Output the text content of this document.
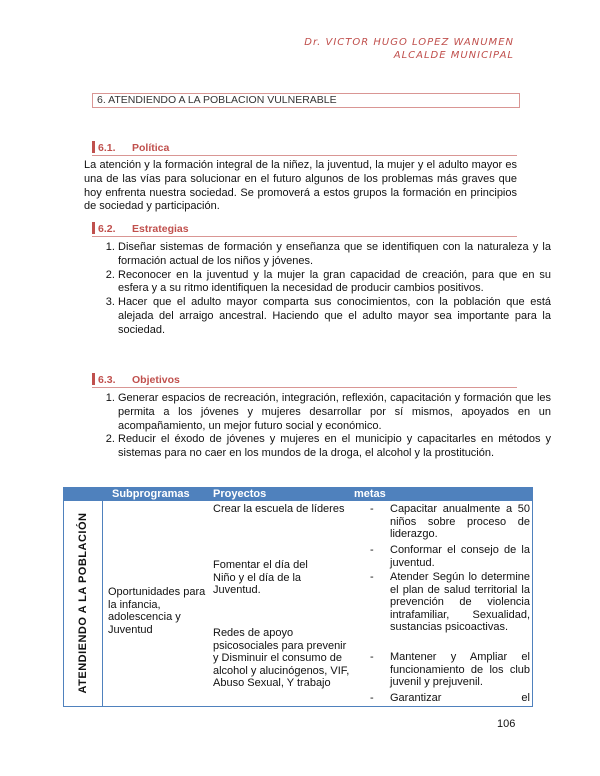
Dr. VICTOR HUGO LOPEZ WANUMEN
ALCALDE MUNICIPAL
6. ATENDIENDO A LA POBLACION VULNERABLE
6.1. Política

La atención y la formación integral de la niñez, la juventud, la mujer y el adulto mayor es una de las vías para solucionar en el futuro algunos de los problemas más graves que hoy enfrenta nuestra sociedad. Se promoverá a estos grupos la formación en principios de sociedad y participación.

6.2. Estrategias
1. Diseñar sistemas de formación y enseñanza que se identifiquen con la naturaleza y la formación actual de los niños y jóvenes.
2. Reconocer en la juventud y la mujer la gran capacidad de creación, para que en su esfera y a su ritmo identifiquen la necesidad de producir cambios positivos.
3. Hacer que el adulto mayor comparta sus conocimientos, con la población que está alejada del arraigo ancestral. Haciendo que el adulto mayor sea importante para la sociedad.
6.3. Objetivos
1. Generar espacios de recreación, integración, reflexión, capacitación y formación que les permita a los jóvenes y mujeres desarrollar por sí mismos, apoyados en un acompañamiento, un mejor futuro social y económico.
2. Reducir el éxodo de jóvenes y mujeres en el municipio y capacitarles en métodos y sistemas para no caer en los mundos de la droga, el alcohol y la prostitución.
Subprogramas Proyectos	metas
ATENDIENDO A LA POBLACIÓN Oportunidades para la infancia, adolescencia y Juventud
Crear la escuela de líderes
Fomentar el día del Niño y el día de la Juventud.
Redes de apoyo psicosociales para prevenir y Disminuir el consumo de alcohol y alucinógenos, VIF, Abuso Sexual, Y trabajo
- Capacitar anualmente a 50 niños sobre proceso de liderazgo.
- Conformar el consejo de la juventud.
- Atender Según lo determine el plan de salud territorial la prevención de violencia intrafamiliar, Sexualidad, sustancias psicoactivas.
- Mantener y Ampliar el funcionamiento de los club juvenil y prejuvenil.
- Garantizar el
106
